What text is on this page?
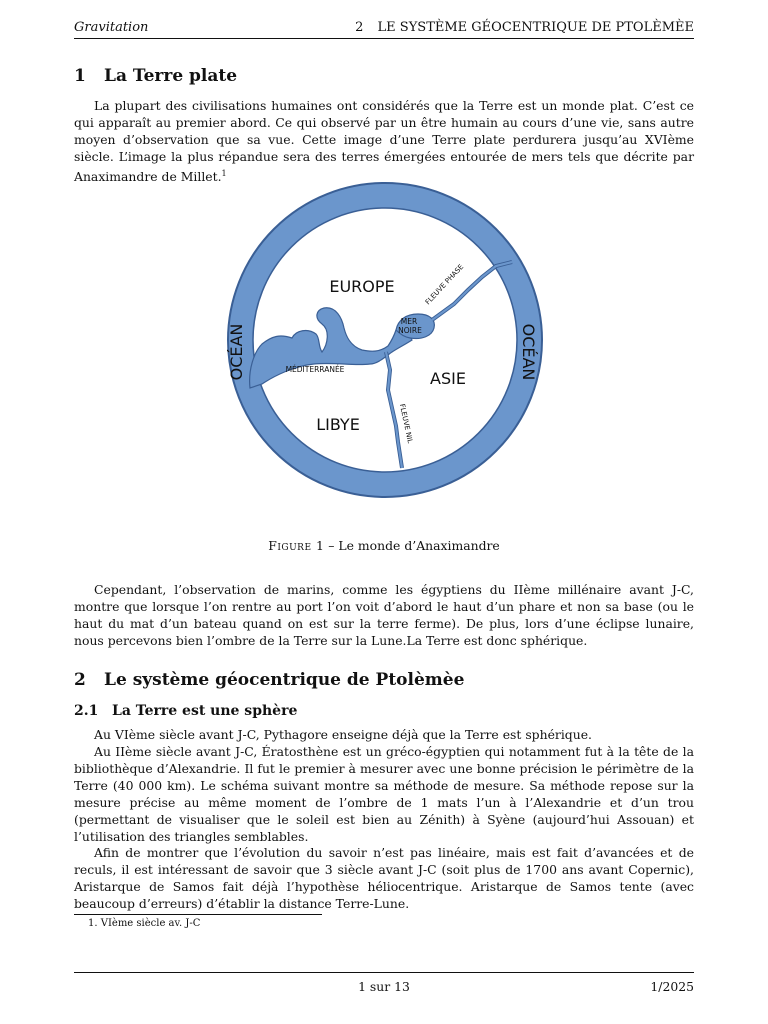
Gravitation	2 LE SYSTÈME GÉOCENTRIQUE DE PTOLÈMÈE
1 La Terre plate
La plupart des civilisations humaines ont considérés que la Terre est un monde plat. C’est ce qui apparaît au premier abord. Ce qui observé par un être humain au cours d’une vie, sans autre moyen d’observation que sa vue. Cette image d’une Terre plate perdurera jusqu’au XVIème siècle. L’image la plus répandue sera des terres émergées entourée de mers tels que décrite par Anaximandre de Millet.$^1$
EUROPE
ASIE
LIBYE
MÉDITERRANÉE
MER
NOIRE
OCÉAN	OCÉAN
FLEUVE PHASE
FLEUVE NIL
Figure 1 – Le monde d’Anaximandre
Cependant, l’observation de marins, comme les égyptiens du IIème millénaire avant J-C, montre que lorsque l’on rentre au port l’on voit d’abord le haut d’un phare et non sa base (ou le haut du mat d’un bateau quand on est sur la terre ferme). De plus, lors d’une éclipse lunaire, nous percevons bien l’ombre de la Terre sur la Lune.La Terre est donc sphérique.
2 Le système géocentrique de Ptolèmèe
2.1 La Terre est une sphère
Au VIème siècle avant J-C, Pythagore enseigne déjà que la Terre est sphérique.
Au IIème siècle avant J-C, Ératosthène est un gréco-égyptien qui notamment fut à la tête de la bibliothèque d’Alexandrie. Il fut le premier à mesurer avec une bonne précision le périmètre de la Terre (40 000 km). Le schéma suivant montre sa méthode de mesure. Sa méthode repose sur la mesure précise au même moment de l’ombre de 1 mats l’un à l’Alexandrie et d’un trou (permettant de visualiser que le soleil est bien au Zénith) à Syène (aujourd’hui Assouan) et l’utilisation des triangles semblables.
Afin de montrer que l’évolution du savoir n’est pas linéaire, mais est fait d’avancées et de reculs, il est intéressant de savoir que 3 siècle avant J-C (soit plus de 1700 ans avant Copernic), Aristarque de Samos fait déjà l’hypothèse héliocentrique. Aristarque de Samos tente (avec beaucoup d’erreurs) d’établir la distance Terre-Lune.
1. VIème siècle av. J-C
1 sur 13	1/2025
